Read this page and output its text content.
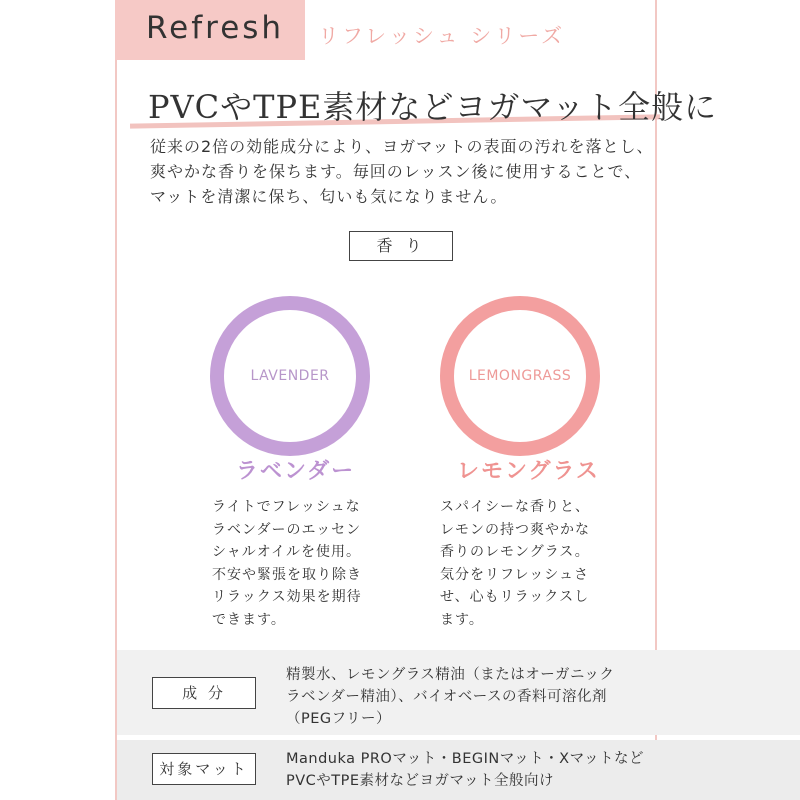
Refresh リフレッシュ シリーズ
PVCやTPE素材などヨガマット全般に
従来の2倍の効能成分により、ヨガマットの表面の汚れを落とし、爽やかな香りを保ちます。毎回のレッスン後に使用することで、マットを清潔に保ち、匂いも気になりません。
香 り
LAVENDER	LEMONGRASS
ラベンダー	レモングラス
ライトでフレッシュな
ラベンダーのエッセン
シャルオイルを使用。
不安や緊張を取り除き
リラックス効果を期待
できます。
スパイシーな香りと、
レモンの持つ爽やかな
香りのレモングラス。
気分をリフレッシュさ
せ、心もリラックスし
ます。
成 分
精製水、レモングラス精油（またはオーガニック
ラベンダー精油）、バイオベースの香料可溶化剤
（PEGフリー）
対象マット
Manduka PROマット・BEGINマット・Xマットなど
PVCやTPE素材などヨガマット全般向け
